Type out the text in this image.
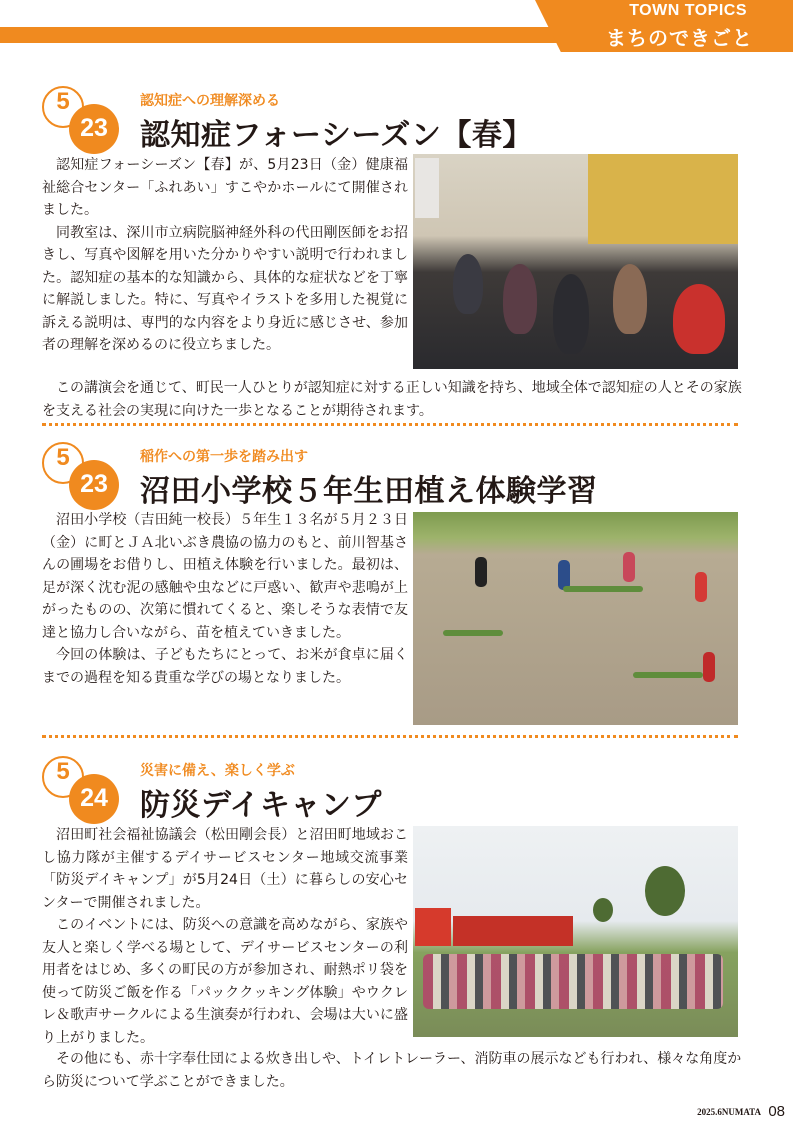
TOWN TOPICS
まちのできごと
5
23
認知症への理解深める
認知症フォーシーズン【春】

認知症フォーシーズン【春】が、5月23日（金）健康福祉総合センター「ふれあい」すこやかホールにて開催されました。

同教室は、深川市立病院脳神経外科の代田剛医師をお招きし、写真や図解を用いた分かりやすい説明で行われました。認知症の基本的な知識から、具体的な症状などを丁寧に解説しました。特に、写真やイラストを多用した視覚に訴える説明は、専門的な内容をより身近に感じさせ、参加者の理解を深めるのに役立ちました。

この講演会を通じて、町民一人ひとりが認知症に対する正しい知識を持ち、地域全体で認知症の人とその家族を支える社会の実現に向けた一歩となることが期待されます。

5
23
稲作への第一歩を踏み出す
沼田小学校５年生田植え体験学習

沼田小学校（吉田純一校長）５年生１３名が５月２３日（金）に町とＪＡ北いぶき農協の協力のもと、前川智基さんの圃場をお借りし、田植え体験を行いました。最初は、足が深く沈む泥の感触や虫などに戸惑い、歓声や悲鳴が上がったものの、次第に慣れてくると、楽しそうな表情で友達と協力し合いながら、苗を植えていきました。

今回の体験は、子どもたちにとって、お米が食卓に届くまでの過程を知る貴重な学びの場となりました。

5
24
災害に備え、楽しく学ぶ
防災デイキャンプ

沼田町社会福祉協議会（松田剛会長）と沼田町地域おこし協力隊が主催するデイサービスセンター地域交流事業「防災デイキャンプ」が5月24日（土）に暮らしの安心センターで開催されました。

このイベントには、防災への意識を高めながら、家族や友人と楽しく学べる場として、デイサービスセンターの利用者をはじめ、多くの町民の方が参加され、耐熱ポリ袋を使って防災ご飯を作る「パッククッキング体験」やウクレレ＆歌声サークルによる生演奏が行われ、会場は大いに盛り上がりました。

その他にも、赤十字奉仕団による炊き出しや、トイレトレーラー、消防車の展示なども行われ、様々な角度から防災について学ぶことができました。

2025.6NUMATA 08
